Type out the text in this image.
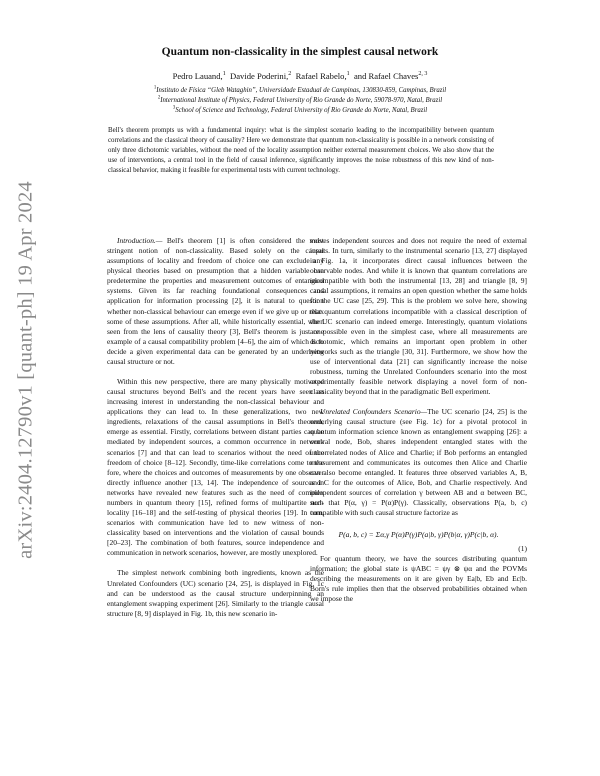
arXiv:2404.12790v1 [quant-ph] 19 Apr 2024
Quantum non-classicality in the simplest causal network
Pedro Lauand,$^1$ Davide Poderini,$^2$ Rafael Rabelo,$^1$ and Rafael Chaves$^{2, 3}$
$^1$Instituto de Física “Gleb Wataghin”, Universidade Estadual de Campinas, 130830-859, Campinas, Brazil
$^2$International Institute of Physics, Federal University of Rio Grande do Norte, 59078-970, Natal, Brazil
$^3$School of Science and Technology, Federal University of Rio Grande do Norte, Natal, Brazil
Bell's theorem prompts us with a fundamental inquiry: what is the simplest scenario leading to the incompatibility between quantum correlations and the classical theory of causality? Here we demonstrate that quantum non-classicality is possible in a network consisting of only three dichotomic variables, without the need of the locality assumption neither external measurement choices. We also show that the use of interventions, a central tool in the field of causal inference, significantly improves the noise robustness of this new kind of non-classical behavior, making it feasible for experimental tests with current technology.

Introduction.— Bell's theorem [1] is often considered the most stringent notion of non-classicality. Based solely on the causal assumptions of locality and freedom of choice one can exclude any physical theories based on presumption that a hidden variable can predetermine the properties and measurement outcomes of entangled systems. Given its far reaching foundational consequences and application for information processing [2], it is natural to question whether non-classical behaviour can emerge even if we give up or relax some of these assumptions. After all, while historically essential, when seen from the lens of causality theory [3], Bell's theorem is just one example of a causal compatibility problem [4–6], the aim of which is to decide a given experimental data can be generated by an underlying causal structure or not.

Within this new perspective, there are many physically motivated causal structures beyond Bell's and the recent years have seen an increasing interest in understanding the non-classical behaviour and applications they can lead to. In these generalizations, two new ingredients, relaxations of the causal assumptions in Bell's theorem, emerge as essential. Firstly, correlations between distant parties can be mediated by independent sources, a common occurrence in network scenarios [7] and that can lead to scenarios without the need of the freedom of choice [8–12]. Secondly, time-like correlations come to the fore, where the choices and outcomes of measurements by one observer directly influence another [13, 14]. The independence of sources in networks have revealed new features such as the need of complex numbers in quantum theory [15], refined forms of multipartite non-locality [16–18] and the self-testing of physical theories [19]. In turn, scenarios with communication have led to new witness of non-classicality based on interventions and the violation of causal bounds [20–23]. The combination of both features, source independence and communication in network scenarios, however, are mostly unexplored.

The simplest network combining both ingredients, known as the Unrelated Confounders (UC) scenario [24, 25], is displayed in Fig. 1c and can be understood as the causal structure underpinning an entanglement swapping experiment [26]. Similarly to the triangle causal structure [8, 9] displayed in Fig. 1b, this new scenario in-

volves independent sources and does not require the need of external inputs. In turn, similarly to the instrumental scenario [13, 27] displayed in Fig. 1a, it incorporates direct causal influences between the observable nodes. And while it is known that quantum correlations are incompatible with both the instrumental [13, 28] and triangle [8, 9] causal assumptions, it remains an open question whether the same holds for the UC case [25, 29]. This is the problem we solve here, showing that quantum correlations incompatible with a classical description of the UC scenario can indeed emerge. Interestingly, quantum violations are possible even in the simplest case, where all measurements are dichotomic, which remains an important open problem in other networks such as the triangle [30, 31]. Furthermore, we show how the use of interventional data [21] can significantly increase the noise robustness, turning the Unrelated Confounders scenario into the most experimentally feasible network displaying a novel form of non-classicality beyond that in the paradigmatic Bell experiment.

Unrelated Confounders Scenario—The UC scenario [24, 25] is the underlying causal structure (see Fig. 1c) for a pivotal protocol in quantum information science known as entanglement swapping [26]: a central node, Bob, shares independent entangled states with the uncorrelated nodes of Alice and Charlie; if Bob performs an entangled measurement and communicates its outcomes then Alice and Charlie can also become entangled. It features three observed variables A, B, and C for the outcomes of Alice, Bob, and Charlie respectively. And independent sources of correlation γ between AB and α between BC, such that P(α, γ) = P(α)P(γ). Classically, observations P(a, b, c) compatible with such causal structure factorize as

P(a, b, c) = Σα,γ P(α)P(γ)P(a|b, γ)P(b|α, γ)P(c|b, α).
(1)

For quantum theory, we have the sources distributing quantum information; the global state is ψABC = ψγ ⊗ ψα and the POVMs describing the measurements on it are given by Ea|b, Eb and Ec|b. Born's rule implies then that the observed probabilities obtained when we impose the
